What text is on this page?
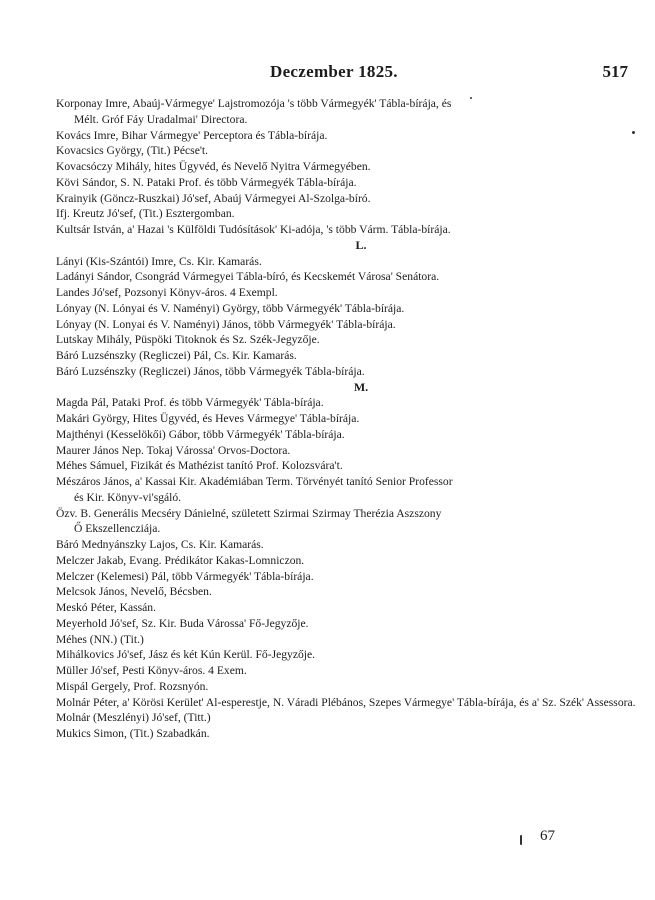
Deczember 1825.	517
Korponay Imre, Abaúj-Vármegye' Lajstromozója 's több Vármegyék' Tábla-bírája, és
Mélt. Gróf Fáy Uradalmai' Directora.
Kovács Imre, Bihar Vármegye' Perceptora és Tábla-bírája.
Kovacsics György, (Tit.) Pécse't.
Kovacsóczy Mihály, hites Ügyvéd, és Nevelő Nyitra Vármegyében.
Kövi Sándor, S. N. Pataki Prof. és több Vármegyék Tábla-bírája.
Krainyik (Göncz-Ruszkai) Jó'sef, Abaúj Vármegyei Al-Szolga-bíró.
Ifj. Kreutz Jó'sef, (Tit.) Esztergomban.
Kultsár István, a' Hazai 's Külföldi Tudósítások' Ki-adója, 's több Várm. Tábla-bírája.
L.
Lányi (Kis-Szántói) Imre, Cs. Kir. Kamarás.
Ladányi Sándor, Csongrád Vármegyei Tábla-bíró, és Kecskemét Városa' Senátora.
Landes Jó'sef, Pozsonyi Könyv-áros. 4 Exempl.
Lónyay (N. Lónyai és V. Naményi) György, több Vármegyék' Tábla-bírája.
Lónyay (N. Lonyai és V. Naményi) János, több Vármegyék' Tábla-bírája.
Lutskay Mihály, Püspöki Titoknok és Sz. Szék-Jegyzője.
Báró Luzsénszky (Regliczei) Pál, Cs. Kir. Kamarás.
Báró Luzsénszky (Regliczei) János, több Vármegyék Tábla-bírája.
M.
Magda Pál, Pataki Prof. és több Vármegyék' Tábla-bírája.
Makári György, Hites Ügyvéd, és Heves Vármegye' Tábla-bírája.
Majthényi (Kesselökői) Gábor, több Vármegyék' Tábla-bírája.
Maurer János Nep. Tokaj Várossa' Orvos-Doctora.
Méhes Sámuel, Fizikát és Mathézist tanító Prof. Kolozsvára't.
Mészáros János, a' Kassai Kir. Akadémiában Term. Törvényét tanító Senior Professor
és Kir. Könyv-vi'sgáló.
Özv. B. Generális Mecséry Dánielné, született Szirmai Szirmay Therézia Aszszony
Ő Ekszellencziája.
Báró Mednyánszky Lajos, Cs. Kir. Kamarás.
Melczer Jakab, Evang. Prédikátor Kakas-Lomniczon.
Melczer (Kelemesi) Pál, több Vármegyék' Tábla-bírája.
Melcsok János, Nevelő, Bécsben.
Meskó Péter, Kassán.
Meyerhold Jó'sef, Sz. Kir. Buda Várossa' Fő-Jegyzője.
Méhes (NN.) (Tit.)
Mihálkovics Jó'sef, Jász és két Kún Kerül. Fő-Jegyzője.
Müller Jó'sef, Pesti Könyv-áros. 4 Exem.
Mispál Gergely, Prof. Rozsnyón.
Molnár Péter, a' Körösi Kerület' Al-esperestje, N. Váradi Plébános, Szepes Vármegye' Tábla-bírája, és a' Sz. Szék' Assessora.
Molnár (Meszlényi) Jó'sef, (Titt.)
Mukics Simon, (Tit.) Szabadkán.
67
